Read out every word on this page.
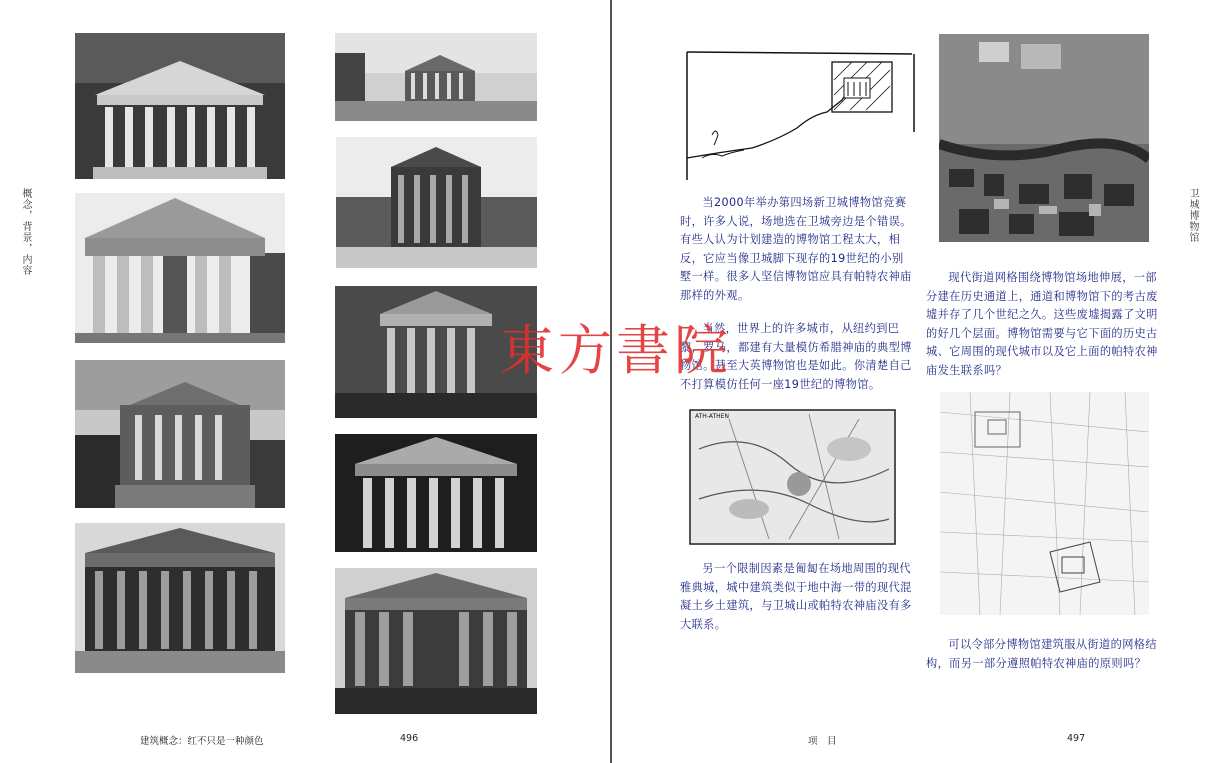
概念，背景，内容
建筑概念：红不只是一种颜色	496
卫城博物馆

当2000年举办第四场新卫城博物馆竞赛时，许多人说，场地选在卫城旁边是个错误。有些人认为计划建造的博物馆工程太大，相反，它应当像卫城脚下现存的19世纪的小别墅一样。很多人坚信博物馆应具有帕特农神庙那样的外观。

当然，世界上的许多城市，从纽约到巴黎，罗马，都建有大量模仿希腊神庙的典型博物馆。甚至大英博物馆也是如此。你清楚自己不打算模仿任何一座19世纪的博物馆。

ATH-ATHEN

另一个限制因素是匍匐在场地周围的现代雅典城，城中建筑类似于地中海一带的现代混凝土乡土建筑，与卫城山或帕特农神庙没有多大联系。

现代街道网格围绕博物馆场地伸展，一部分建在历史通道上，通道和博物馆下的考古废墟并存了几个世纪之久。这些废墟揭露了文明的好几个层面。博物馆需要与它下面的历史古城、它周围的现代城市以及它上面的帕特农神庙发生联系吗？

可以令部分博物馆建筑服从街道的网格结构，而另一部分遵照帕特农神庙的原则吗？

项　目	497
東方書院
